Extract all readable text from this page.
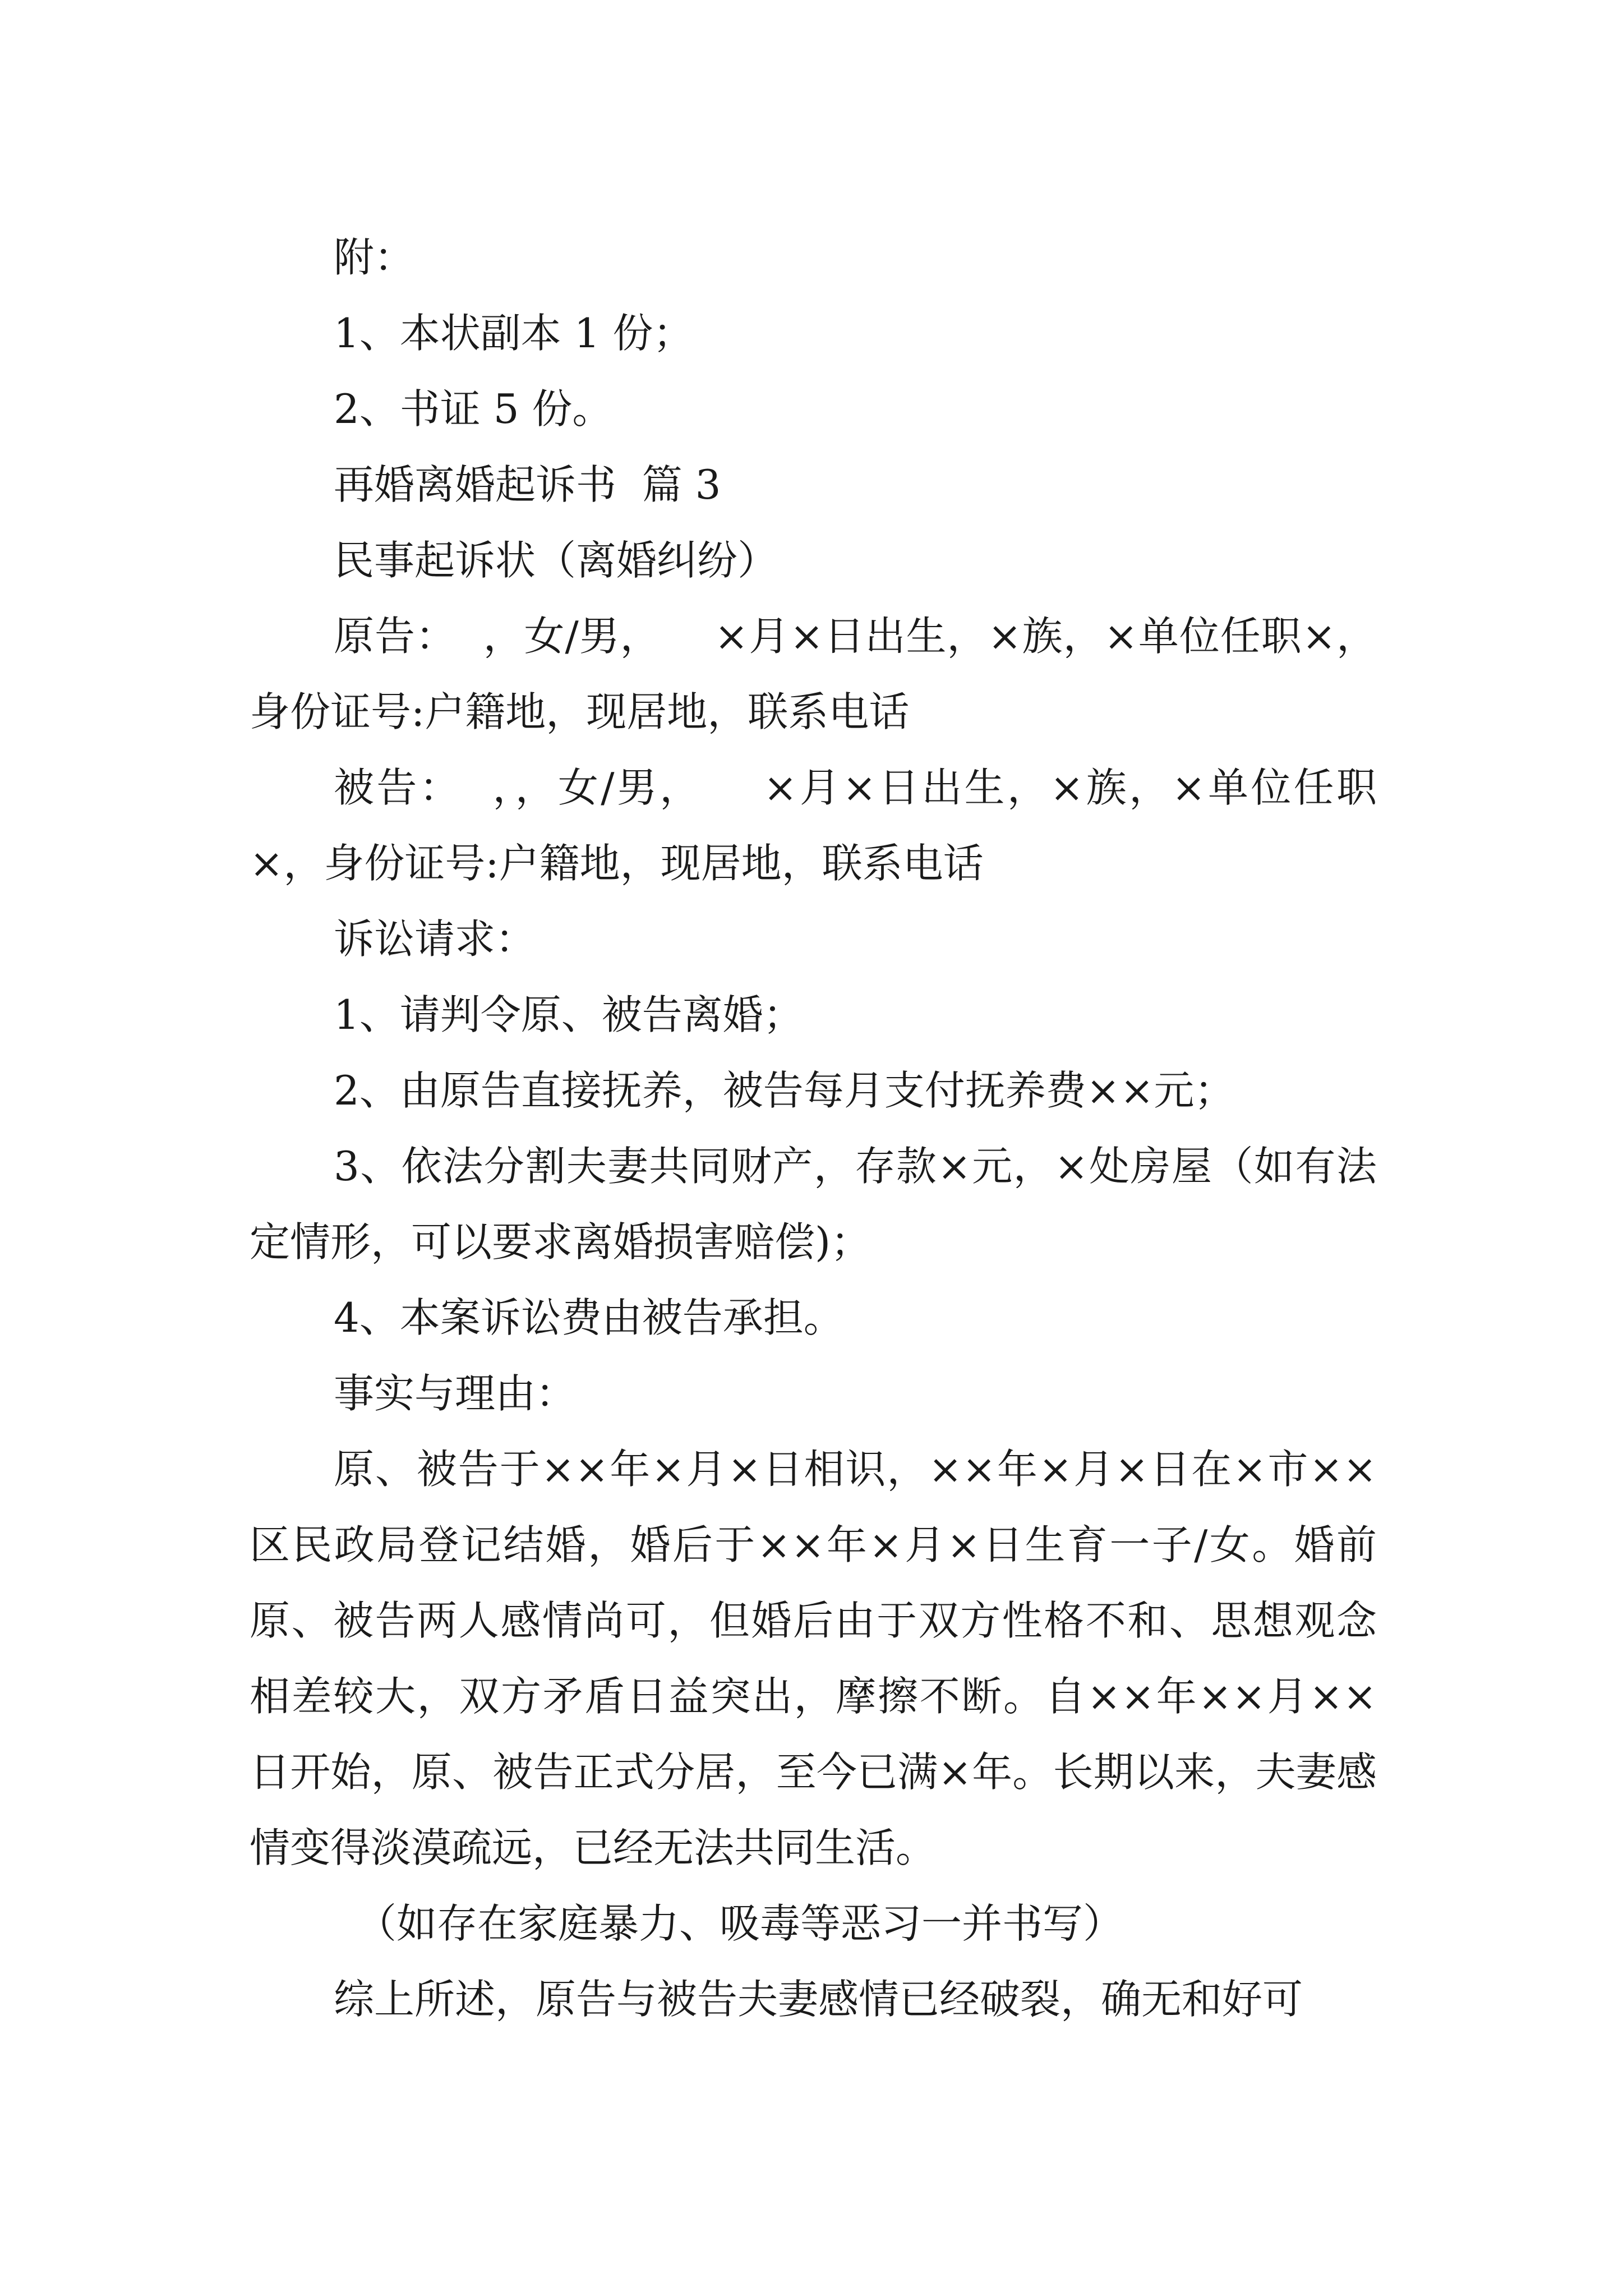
附：

1、本状副本 1 份；

2、书证 5 份。

再婚离婚起诉书  篇 3

民事起诉状（离婚纠纷）

原告：  ，女/男，    ×月×日出生，×族，×单位任职×，身份证号:户籍地，现居地，联系电话

被告：  ，，女/男，    ×月×日出生，×族，×单位任职×，身份证号:户籍地，现居地，联系电话

诉讼请求：

1、请判令原、被告离婚；

2、由原告直接抚养，被告每月支付抚养费××元；

3、依法分割夫妻共同财产，存款×元，×处房屋（如有法定情形，可以要求离婚损害赔偿)；

4、本案诉讼费由被告承担。

事实与理由：

原、被告于××年×月×日相识，××年×月×日在×市××区民政局登记结婚，婚后于××年×月×日生育一子/女。婚前原、被告两人感情尚可，但婚后由于双方性格不和、思想观念相差较大，双方矛盾日益突出，摩擦不断。自××年××月××日开始，原、被告正式分居，至今已满×年。长期以来，夫妻感情变得淡漠疏远，已经无法共同生活。

（如存在家庭暴力、吸毒等恶习一并书写）

综上所述，原告与被告夫妻感情已经破裂，确无和好可
